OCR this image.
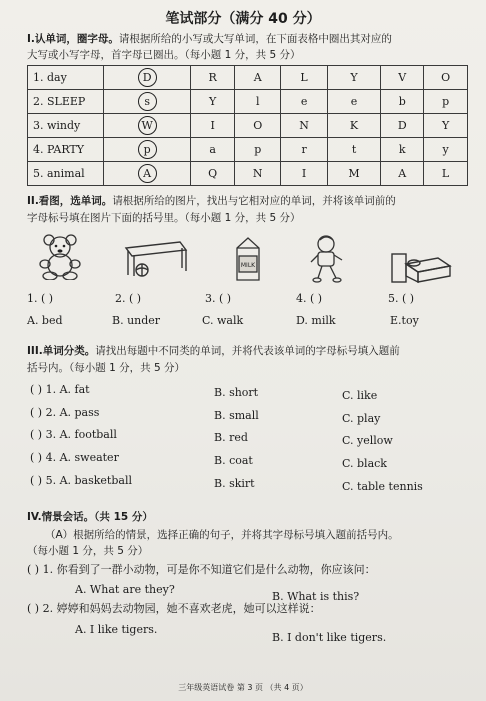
笔试部分（满分 40 分）
I.认单词，圈字母。请根据所给的小写或大写单词，在下面表格中圈出其对应的
大写或小写字母，首字母已圈出。（每小题 1 分，共 5 分）
1. day	D	R	A	L	Y	V	O
2. SLEEP	s	Y	l	e	e	b	p
3. windy	W	I	O	N	K	D	Y
4. PARTY	p	a	p	r	t	k	y
5. animal	A	Q	N	I	M	A	L
II.看图，选单词。请根据所给的图片，找出与它相对应的单词，并将该单词前的
字母标号填在图片下面的括号里。（每小题 1 分，共 5 分）
MILK
1. ( )	2. ( )	3. ( )	4. ( )	5. ( )
A. bed	B. under	C. walk	D. milk	E.toy
III.单词分类。请找出每题中不同类的单词，并将代表该单词的字母标号填入题前
括号内。（每小题 1 分，共 5 分）
( ) 1. A. fat	B. short	C. like
( ) 2. A. pass	B. small	C. play
( ) 3. A. football	B. red	C. yellow
( ) 4. A. sweater	B. coat	C. black
( ) 5. A. basketball	B. skirt	C. table tennis
IV.情景会话。（共 15 分）
（A）根据所给的情景，选择正确的句子，并将其字母标号填入题前括号内。
（每小题 1 分，共 5 分）
( ) 1. 你看到了一群小动物，可是你不知道它们是什么动物，你应该问：
A. What are they?
B. What is this?
( ) 2. 婷婷和妈妈去动物园，她不喜欢老虎，她可以这样说：
A. I like tigers.
B. I don't like tigers.
三年级英语试卷 第 3 页 （共 4 页）
